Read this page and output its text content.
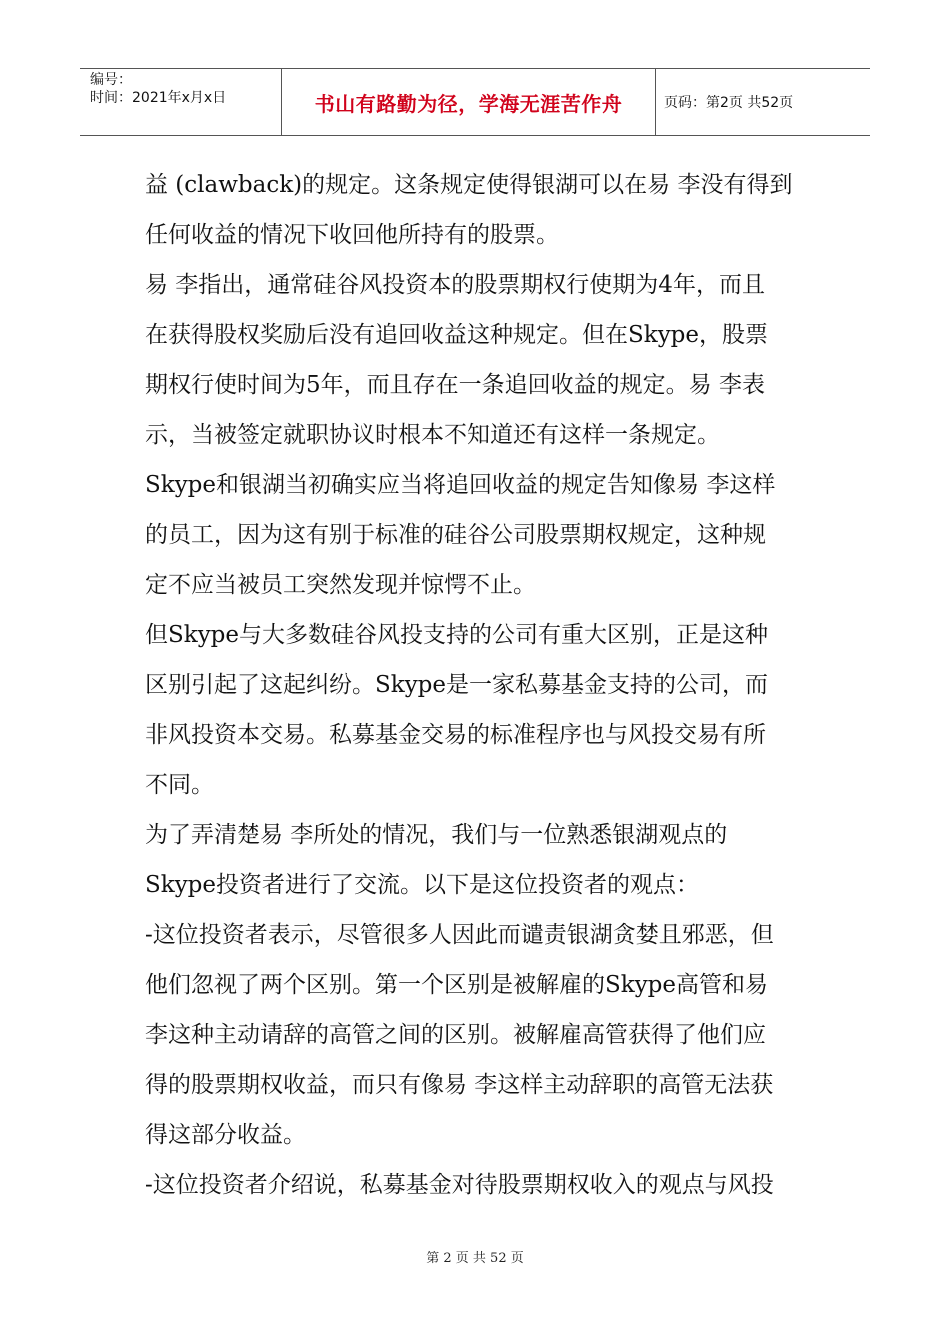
编号：
时间：2021年x月x日	书山有路勤为径，学海无涯苦作舟	页码：第2页 共52页

益 (clawback)的规定。这条规定使得银湖可以在易 李没有得到

任何收益的情况下收回他所持有的股票。

易 李指出，通常硅谷风投资本的股票期权行使期为4年，而且

在获得股权奖励后没有追回收益这种规定。但在Skype，股票

期权行使时间为5年，而且存在一条追回收益的规定。易 李表

示，当被签定就职协议时根本不知道还有这样一条规定。

Skype和银湖当初确实应当将追回收益的规定告知像易 李这样

的员工，因为这有别于标准的硅谷公司股票期权规定，这种规

定不应当被员工突然发现并惊愕不止。

但Skype与大多数硅谷风投支持的公司有重大区别，正是这种

区别引起了这起纠纷。Skype是一家私募基金支持的公司，而

非风投资本交易。私募基金交易的标准程序也与风投交易有所

不同。

为了弄清楚易 李所处的情况，我们与一位熟悉银湖观点的

Skype投资者进行了交流。以下是这位投资者的观点：

-这位投资者表示，尽管很多人因此而谴责银湖贪婪且邪恶，但

他们忽视了两个区别。第一个区别是被解雇的Skype高管和易

李这种主动请辞的高管之间的区别。被解雇高管获得了他们应

得的股票期权收益，而只有像易 李这样主动辞职的高管无法获

得这部分收益。

-这位投资者介绍说，私募基金对待股票期权收入的观点与风投

第 2 页 共 52 页
